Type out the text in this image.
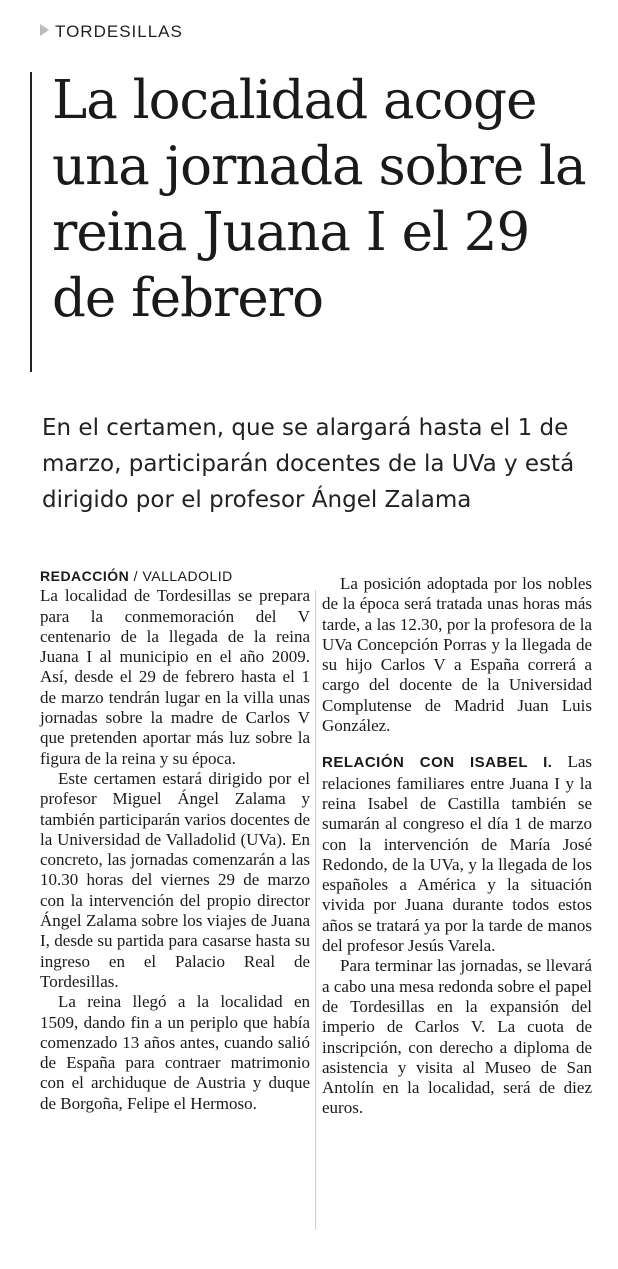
TORDESILLAS
La localidad acoge una jornada sobre la reina Juana I el 29 de febrero

En el certamen, que se alargará hasta el 1 de marzo, participarán docentes de la UVa y está dirigido por el profesor Ángel Zalama

REDACCIÓN / VALLADOLID

La localidad de Tordesillas se prepara para la conmemoración del V centenario de la llegada de la reina Juana I al municipio en el año 2009. Así, desde el 29 de febrero hasta el 1 de marzo tendrán lugar en la villa unas jornadas sobre la madre de Carlos V que pretenden aportar más luz sobre la figura de la reina y su época.

Este certamen estará dirigido por el profesor Miguel Ángel Zalama y también participarán varios docentes de la Universidad de Valladolid (UVa). En concreto, las jornadas comenzarán a las 10.30 horas del viernes 29 de marzo con la intervención del propio director Ángel Zalama sobre los viajes de Juana I, desde su partida para casarse hasta su ingreso en el Palacio Real de Tordesillas.

La reina llegó a la localidad en 1509, dando fin a un periplo que había comenzado 13 años antes, cuando salió de España para contraer matrimonio con el archiduque de Austria y duque de Borgoña, Felipe el Hermoso.

La posición adoptada por los nobles de la época será tratada unas horas más tarde, a las 12.30, por la profesora de la UVa Concepción Porras y la llegada de su hijo Carlos V a España correrá a cargo del docente de la Universidad Complutense de Madrid Juan Luis González.

RELACIÓN CON ISABEL I. Las relaciones familiares entre Juana I y la reina Isabel de Castilla también se sumarán al congreso el día 1 de marzo con la intervención de María José Redondo, de la UVa, y la llegada de los españoles a América y la situación vivida por Juana durante todos estos años se tratará ya por la tarde de manos del profesor Jesús Varela.

Para terminar las jornadas, se llevará a cabo una mesa redonda sobre el papel de Tordesillas en la expansión del imperio de Carlos V. La cuota de inscripción, con derecho a diploma de asistencia y visita al Museo de San Antolín en la localidad, será de diez euros.
